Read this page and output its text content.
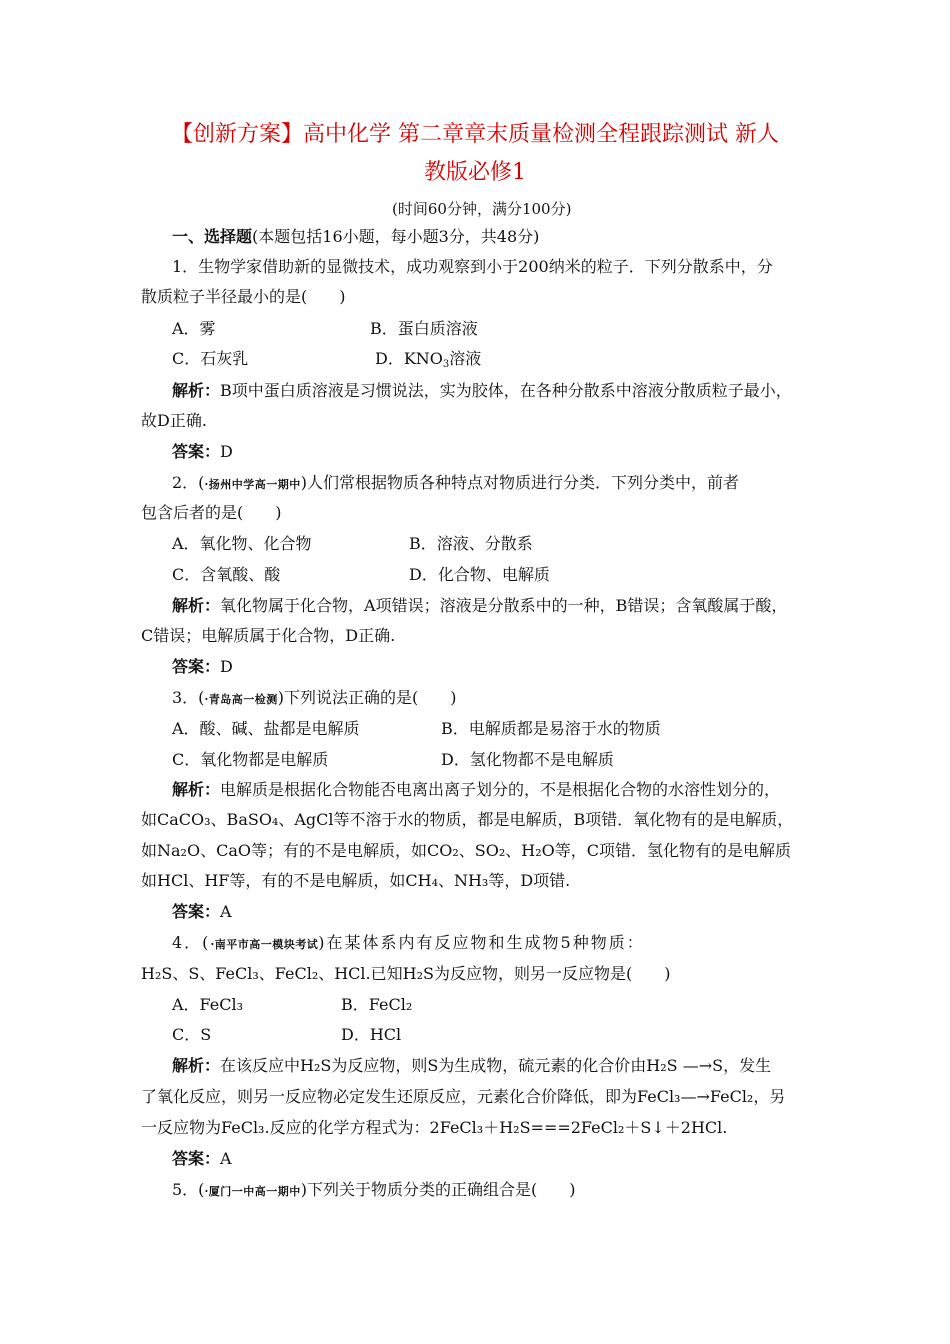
【创新方案】高中化学 第二章章末质量检测全程跟踪测试 新人
教版必修1
(时间60分钟，满分100分)
一、选择题(本题包括16小题，每小题3分，共48分)
1．生物学家借助新的显微技术，成功观察到小于200纳米的粒子．下列分散系中，分
散质粒子半径最小的是(　　)
A．雾	B．蛋白质溶液
C．石灰乳	D．$KNO_3$溶液
解析：B项中蛋白质溶液是习惯说法，实为胶体，在各种分散系中溶液分散质粒子最小，
故D正确.
答案：D
2．(·扬州中学高一期中)人们常根据物质各种特点对物质进行分类．下列分类中，前者
包含后者的是(　　)
A．氧化物、化合物	B．溶液、分散系
C．含氧酸、酸	D．化合物、电解质
解析：氧化物属于化合物，A项错误；溶液是分散系中的一种，B错误；含氧酸属于酸，
C错误；电解质属于化合物，D正确.
答案：D
3．(·青岛高一检测)下列说法正确的是(　　)
A．酸、碱、盐都是电解质	B．电解质都是易溶于水的物质
C．氧化物都是电解质	D．氢化物都不是电解质
解析：电解质是根据化合物能否电离出离子划分的，不是根据化合物的水溶性划分的，
如CaCO₃、BaSO₄、AgCl等不溶于水的物质，都是电解质，B项错．氧化物有的是电解质，
如Na₂O、CaO等；有的不是电解质，如CO₂、SO₂、H₂O等，C项错．氢化物有的是电解质
如HCl、HF等，有的不是电解质，如CH₄、NH₃等，D项错.
答案：A
4．(·南平市高一模块考试)在某体系内有反应物和生成物5种物质：
H₂S、S、FeCl₃、FeCl₂、HCl.已知H₂S为反应物，则另一反应物是(　　)
A．FeCl₃	B．FeCl₂
C．S	D．HCl
解析：在该反应中H₂S为反应物，则S为生成物，硫元素的化合价由H₂S —→S，发生
了氧化反应，则另一反应物必定发生还原反应，元素化合价降低，即为FeCl₃—→FeCl₂，另
一反应物为FeCl₃.反应的化学方程式为：2FeCl₃＋H₂S===2FeCl₂＋S↓＋2HCl.
答案：A
5．(·厦门一中高一期中)下列关于物质分类的正确组合是(　　)
